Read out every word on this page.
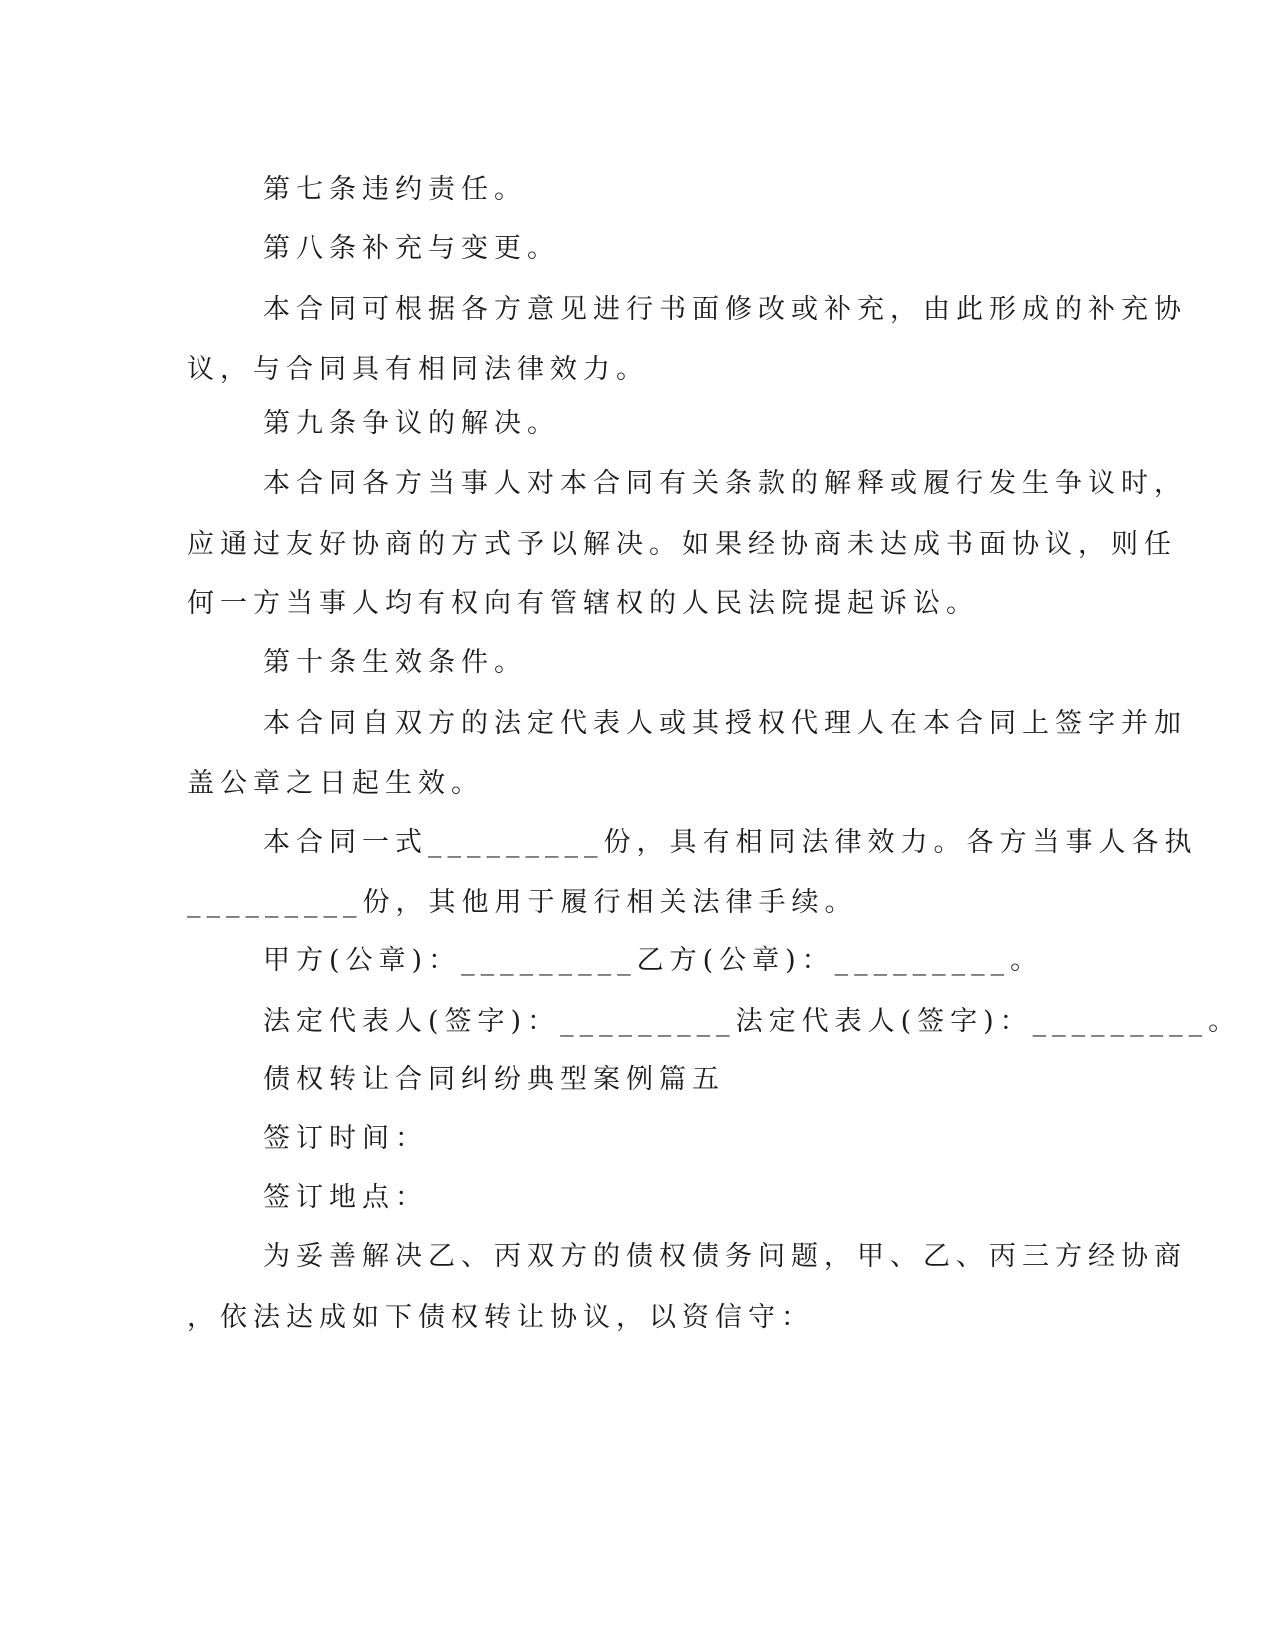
第七条违约责任。
第八条补充与变更。
本合同可根据各方意见进行书面修改或补充，由此形成的补充协
议，与合同具有相同法律效力。
第九条争议的解决。
本合同各方当事人对本合同有关条款的解释或履行发生争议时，
应通过友好协商的方式予以解决。如果经协商未达成书面协议，则任
何一方当事人均有权向有管辖权的人民法院提起诉讼。
第十条生效条件。
本合同自双方的法定代表人或其授权代理人在本合同上签字并加
盖公章之日起生效。
本合同一式_________份，具有相同法律效力。各方当事人各执
_________份，其他用于履行相关法律手续。
甲方(公章)：_________乙方(公章)：_________。
法定代表人(签字)：_________法定代表人(签字)：_________。
债权转让合同纠纷典型案例篇五
签订时间：
签订地点：
为妥善解决乙、丙双方的债权债务问题，甲、乙、丙三方经协商
，依法达成如下债权转让协议，以资信守：
